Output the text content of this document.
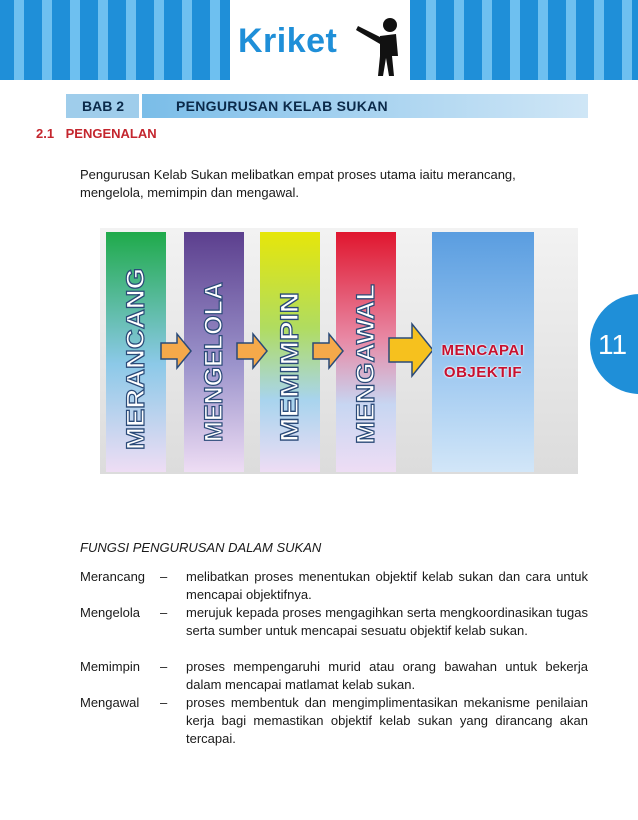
Kriket
BAB 2	PENGURUSAN KELAB SUKAN
2.1 PENGENALAN
Pengurusan Kelab Sukan melibatkan empat proses utama iaitu merancang, mengelola, memimpin dan mengawal.
MERANCANG MENGELOLA MEMIMPIN MENGAWAL	MENCAPAI
OBJEKTIF
11
FUNGSI PENGURUSAN DALAM SUKAN
Merancang – melibatkan proses menentukan objektif kelab sukan dan cara untuk mencapai objektifnya.
Mengelola – merujuk kepada proses mengagihkan serta mengkoordinasikan tugas serta sumber untuk mencapai sesuatu objektif kelab sukan.
Memimpin – proses mempengaruhi murid atau orang bawahan untuk bekerja dalam mencapai matlamat kelab sukan.
Mengawal – proses membentuk dan mengimplimentasikan mekanisme penilaian kerja bagi memastikan objektif kelab sukan yang dirancang akan tercapai.
